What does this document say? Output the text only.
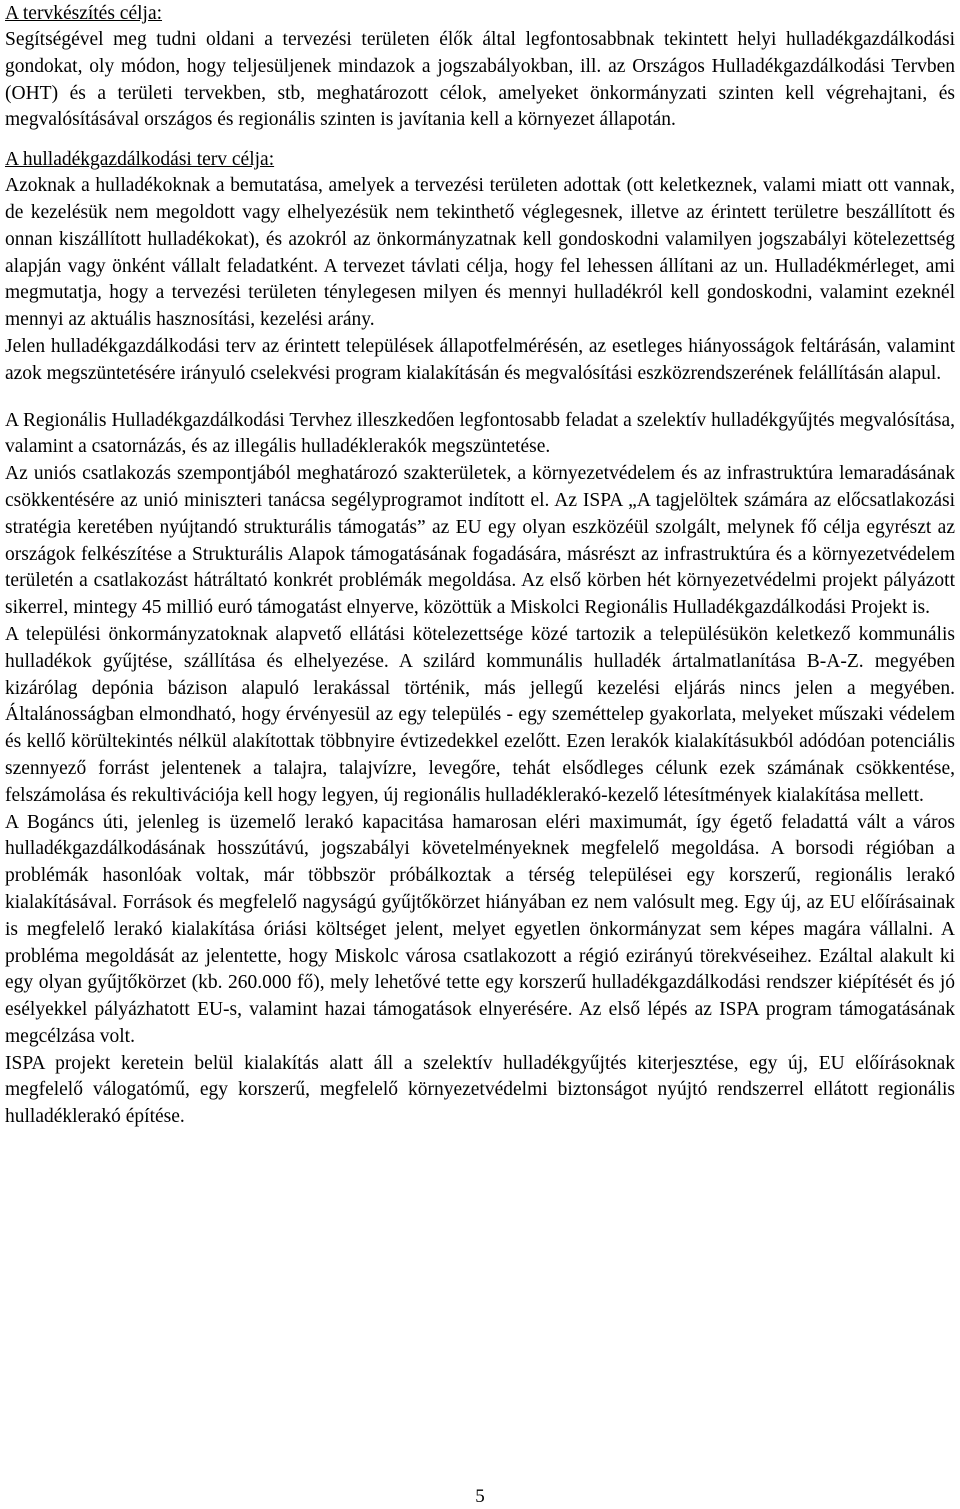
A tervkészítés célja:

Segítségével meg tudni oldani a tervezési területen élők által legfontosabbnak tekintett helyi hulladékgazdálkodási gondokat, oly módon, hogy teljesüljenek mindazok a jogszabályokban, ill. az Országos Hulladékgazdálkodási Tervben (OHT) és a területi tervekben, stb, meghatározott célok, amelyeket önkormányzati szinten kell végrehajtani, és megvalósításával országos és regionális szinten is javítania kell a környezet állapotán.

A hulladékgazdálkodási terv célja:

Azoknak a hulladékoknak a bemutatása, amelyek a tervezési területen adottak (ott keletkeznek, valami miatt ott vannak, de kezelésük nem megoldott vagy elhelyezésük nem tekinthető véglegesnek, illetve az érintett területre beszállított és onnan kiszállított hulladékokat), és azokról az önkormányzatnak kell gondoskodni valamilyen jogszabályi kötelezettség alapján vagy önként vállalt feladatként. A tervezet távlati célja, hogy fel lehessen állítani az un. Hulladékmérleget, ami megmutatja, hogy a tervezési területen ténylegesen milyen és mennyi hulladékról kell gondoskodni, valamint ezeknél mennyi az aktuális hasznosítási, kezelési arány.

Jelen hulladékgazdálkodási terv az érintett települések állapotfelmérésén, az esetleges hiányosságok feltárásán, valamint azok megszüntetésére irányuló cselekvési program kialakításán és megvalósítási eszközrendszerének felállításán alapul.

A Regionális Hulladékgazdálkodási Tervhez illeszkedően legfontosabb feladat a szelektív hulladékgyűjtés megvalósítása, valamint a csatornázás, és az illegális hulladéklerakók megszüntetése.

Az uniós csatlakozás szempontjából meghatározó szakterületek, a környezetvédelem és az infrastruktúra lemaradásának csökkentésére az unió miniszteri tanácsa segélyprogramot indított el. Az ISPA „A tagjelöltek számára az előcsatlakozási stratégia keretében nyújtandó strukturális támogatás” az EU egy olyan eszközéül szolgált, melynek fő célja egyrészt az országok felkészítése a Strukturális Alapok támogatásának fogadására, másrészt az infrastruktúra és a környezetvédelem területén a csatlakozást hátráltató konkrét problémák megoldása. Az első körben hét környezetvédelmi projekt pályázott sikerrel, mintegy 45 millió euró támogatást elnyerve, közöttük a Miskolci Regionális Hulladékgazdálkodási Projekt is.

A települési önkormányzatoknak alapvető ellátási kötelezettsége közé tartozik a településükön keletkező kommunális hulladékok gyűjtése, szállítása és elhelyezése. A szilárd kommunális hulladék ártalmatlanítása B-A-Z. megyében kizárólag depónia bázison alapuló lerakással történik, más jellegű kezelési eljárás nincs jelen a megyében. Általánosságban elmondható, hogy érvényesül az egy település - egy szeméttelep gyakorlata, melyeket műszaki védelem és kellő körültekintés nélkül alakítottak többnyire évtizedekkel ezelőtt. Ezen lerakók kialakításukból adódóan potenciális szennyező forrást jelentenek a talajra, talajvízre, levegőre, tehát elsődleges célunk ezek számának csökkentése, felszámolása és rekultivációja kell hogy legyen, új regionális hulladéklerakó-kezelő létesítmények kialakítása mellett.

A Bogáncs úti, jelenleg is üzemelő lerakó kapacitása hamarosan eléri maximumát, így égető feladattá vált a város hulladékgazdálkodásának hosszútávú, jogszabályi követelményeknek megfelelő megoldása. A borsodi régióban a problémák hasonlóak voltak, már többször próbálkoztak a térség települései egy korszerű, regionális lerakó kialakításával. Források és megfelelő nagyságú gyűjtőkörzet hiányában ez nem valósult meg. Egy új, az EU előírásainak is megfelelő lerakó kialakítása óriási költséget jelent, melyet egyetlen önkormányzat sem képes magára vállalni. A probléma megoldását az jelentette, hogy Miskolc városa csatlakozott a régió ezirányú törekvéseihez. Ezáltal alakult ki egy olyan gyűjtőkörzet (kb. 260.000 fő), mely lehetővé tette egy korszerű hulladékgazdálkodási rendszer kiépítését és jó esélyekkel pályázhatott EU-s, valamint hazai támogatások elnyerésére. Az első lépés az ISPA program támogatásának megcélzása volt.

ISPA projekt keretein belül kialakítás alatt áll a szelektív hulladékgyűjtés kiterjesztése, egy új, EU előírásoknak megfelelő válogatómű, egy korszerű, megfelelő környezetvédelmi biztonságot nyújtó rendszerrel ellátott regionális hulladéklerakó építése.

5
